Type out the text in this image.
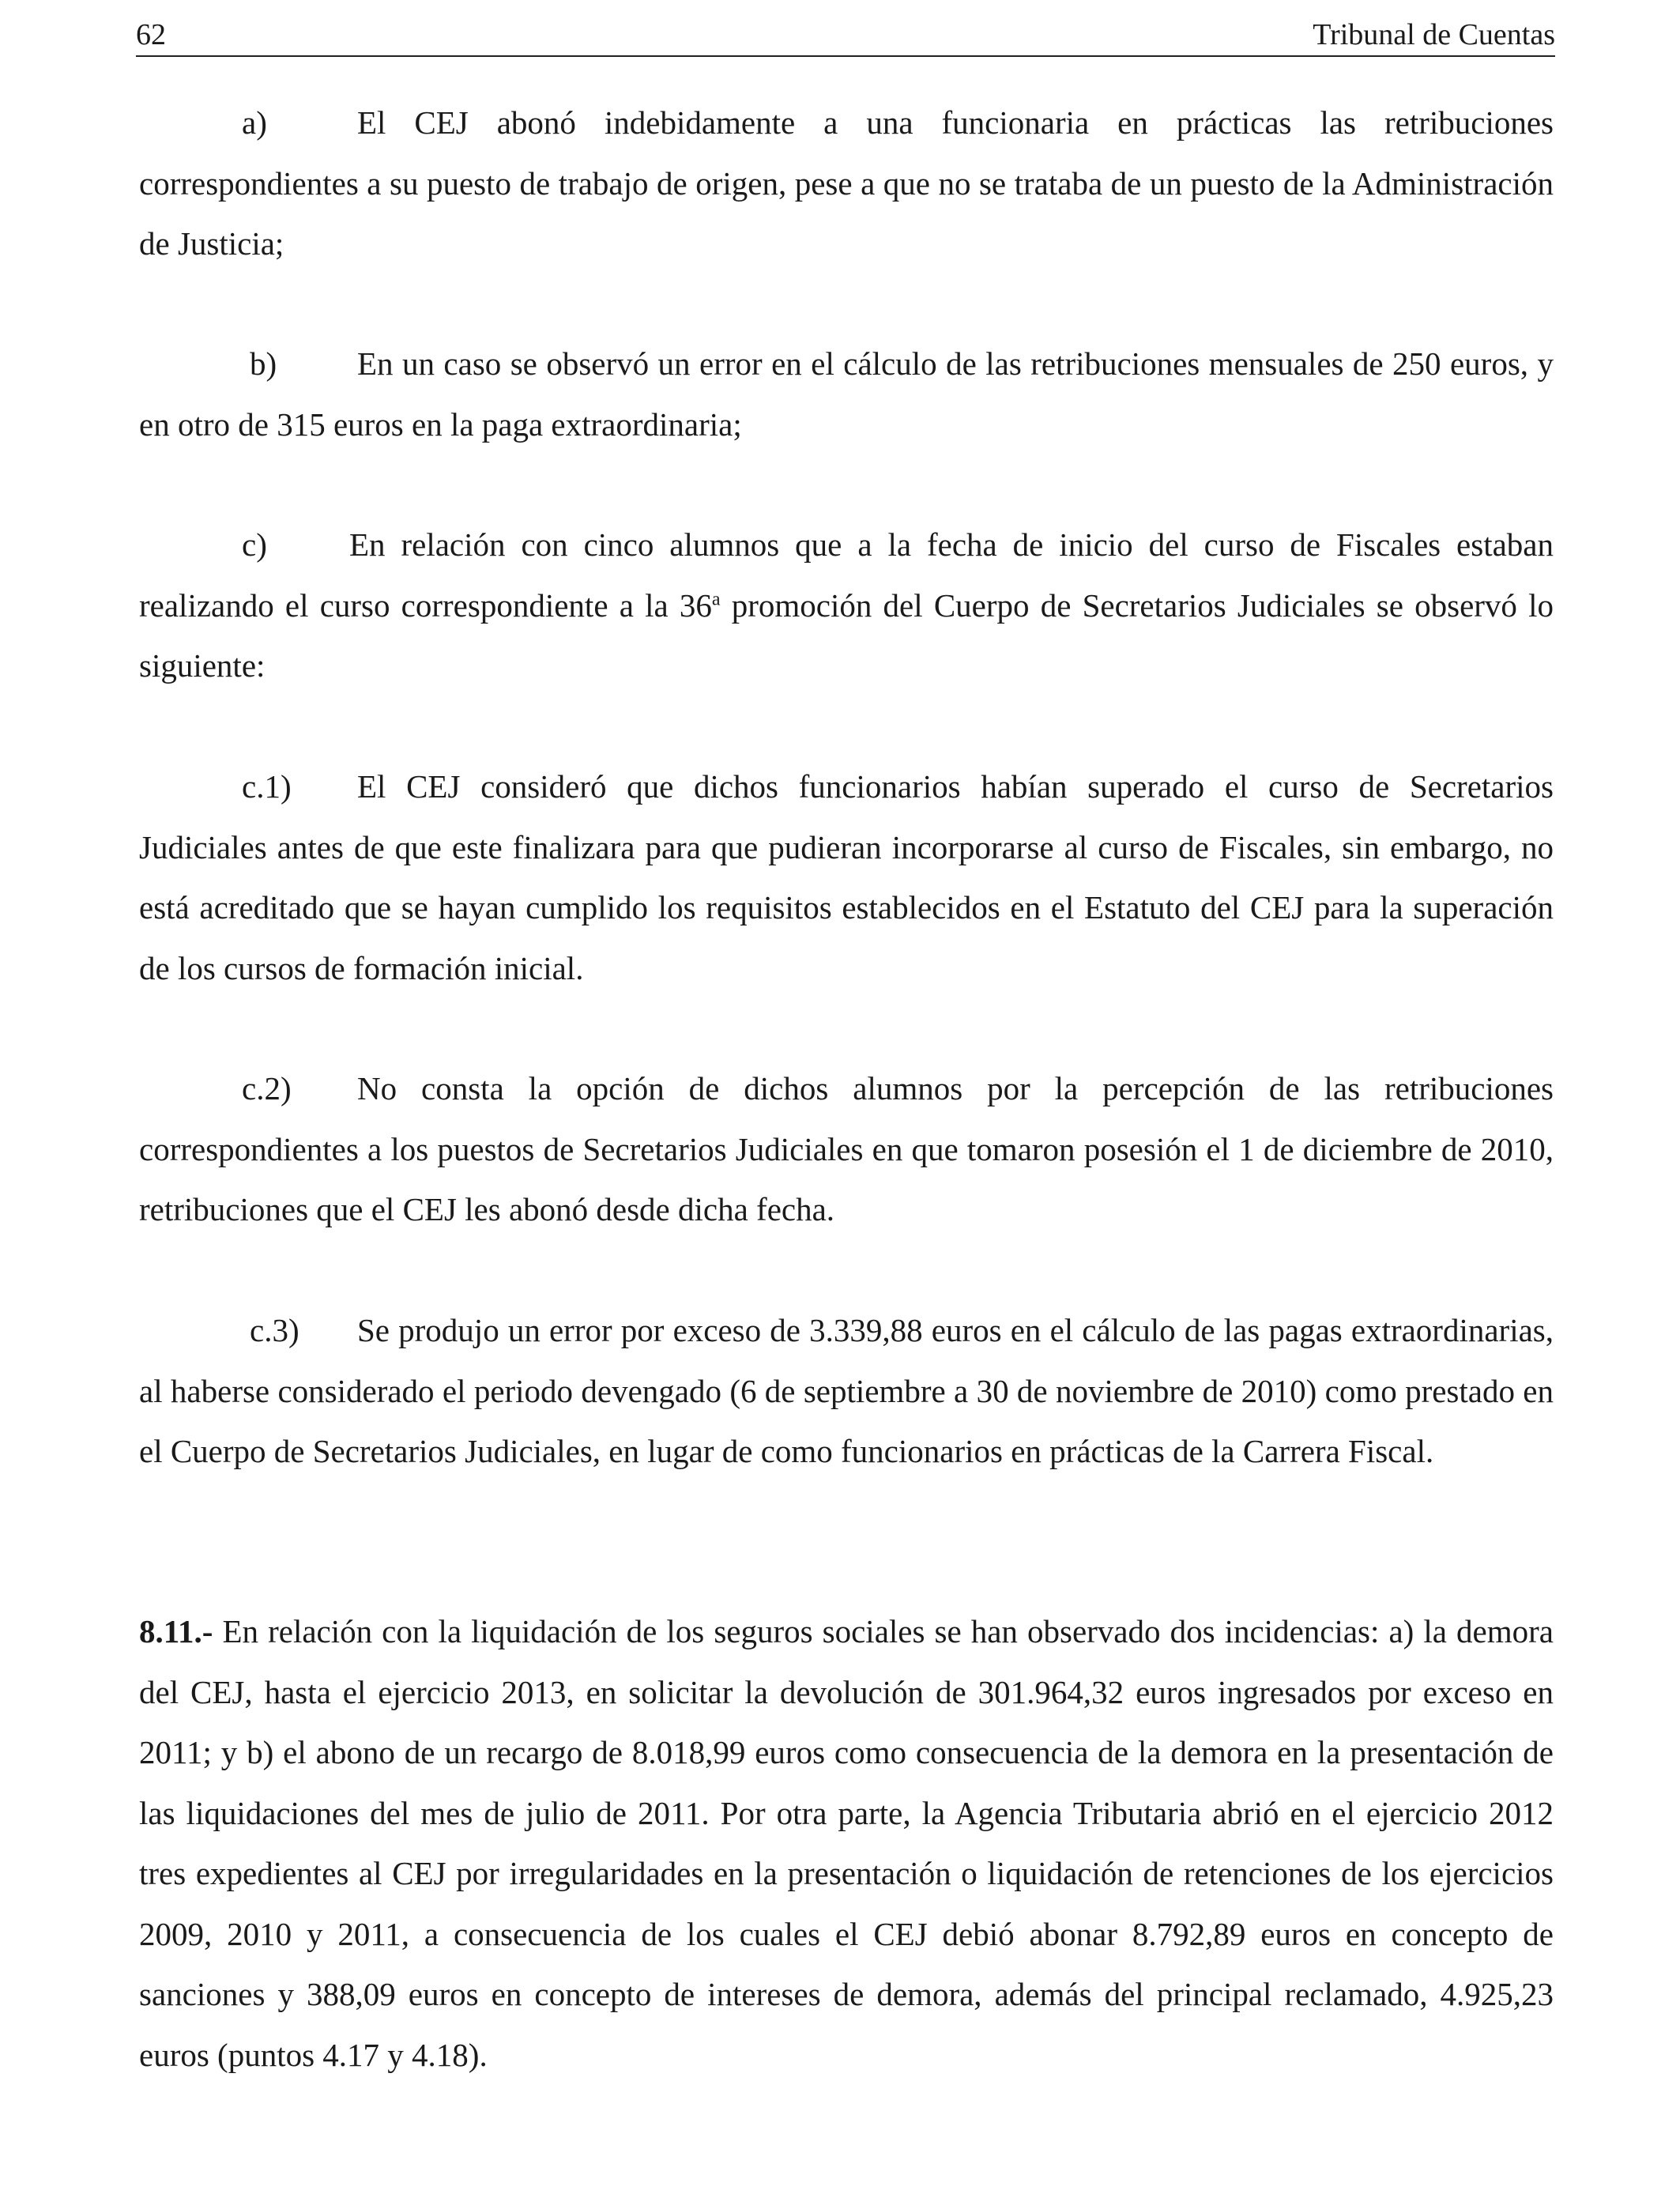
62	Tribunal de Cuentas

a)	El CEJ abonó indebidamente a una funcionaria en prácticas las retribuciones correspondientes a su puesto de trabajo de origen, pese a que no se trataba de un puesto de la Administración de Justicia;

b) En un caso se observó un error en el cálculo de las retribuciones mensuales de 250 euros, y en otro de 315 euros en la paga extraordinaria;

c)	En relación con cinco alumnos que a la fecha de inicio del curso de Fiscales estaban realizando el curso correspondiente a la 36$^a$ promoción del Cuerpo de Secretarios Judiciales se observó lo siguiente:

c.1) El CEJ consideró que dichos funcionarios habían superado el curso de Secretarios Judiciales antes de que este finalizara para que pudieran incorporarse al curso de Fiscales, sin embargo, no está acreditado que se hayan cumplido los requisitos establecidos en el Estatuto del CEJ para la superación de los cursos de formación inicial.

c.2) No consta la opción de dichos alumnos por la percepción de las retribuciones correspondientes a los puestos de Secretarios Judiciales en que tomaron posesión el 1 de diciembre de 2010, retribuciones que el CEJ les abonó desde dicha fecha.

c.3) Se produjo un error por exceso de 3.339,88 euros en el cálculo de las pagas extraordinarias, al haberse considerado el periodo devengado (6 de septiembre a 30 de noviembre de 2010) como prestado en el Cuerpo de Secretarios Judiciales, en lugar de como funcionarios en prácticas de la Carrera Fiscal.

8.11.- En relación con la liquidación de los seguros sociales se han observado dos incidencias: a) la demora del CEJ, hasta el ejercicio 2013, en solicitar la devolución de 301.964,32 euros ingresados por exceso en 2011; y b) el abono de un recargo de 8.018,99 euros como consecuencia de la demora en la presentación de las liquidaciones del mes de julio de 2011. Por otra parte, la Agencia Tributaria abrió en el ejercicio 2012 tres expedientes al CEJ por irregularidades en la presentación o liquidación de retenciones de los ejercicios 2009, 2010 y 2011, a consecuencia de los cuales el CEJ debió abonar 8.792,89 euros en concepto de sanciones y 388,09 euros en concepto de intereses de demora, además del principal reclamado, 4.925,23 euros (puntos 4.17 y 4.18).
